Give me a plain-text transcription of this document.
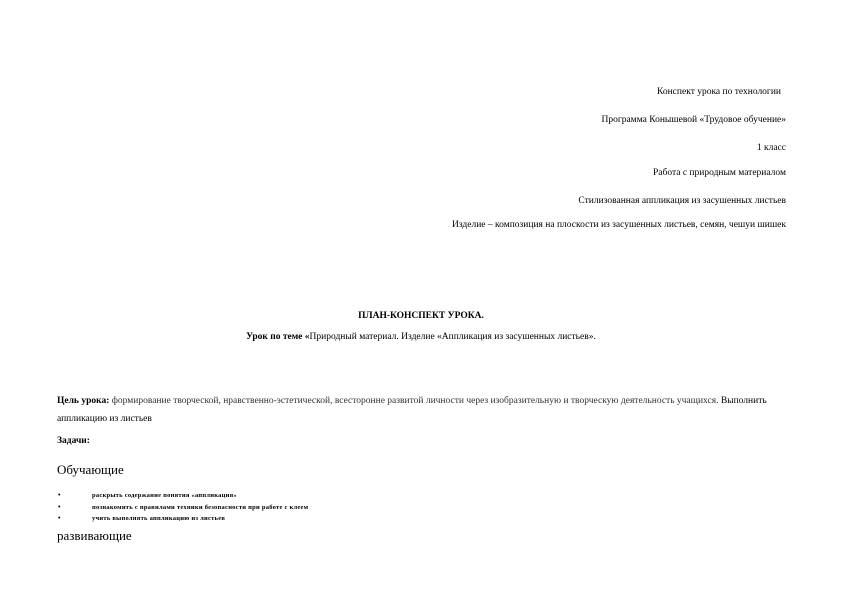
Конспект урока по технологии
Программа Конышевой «Трудовое обучение»
1 класс
Работа с природным материалом
Стилизованная аппликация из засушенных листьев
Изделие – композиция на плоскости из засушенных листьев, семян, чешуи шишек
ПЛАН-КОНСПЕКТ УРОКА.
Урок по теме «Природный материал. Изделие «Аппликация из засушенных листьев».
Цель урока: формирование творческой, нравственно-эстетической, всесторонне развитой личности через изобразительную и творческую деятельность учащихся. Выполнить аппликацию из листьев
Задачи:
Обучающие
•	раскрыть содержание понятия «аппликация»
•	познакомить с правилами техники безопасности при работе с клеем
•	учить выполнять аппликацию из листьев
развивающие
